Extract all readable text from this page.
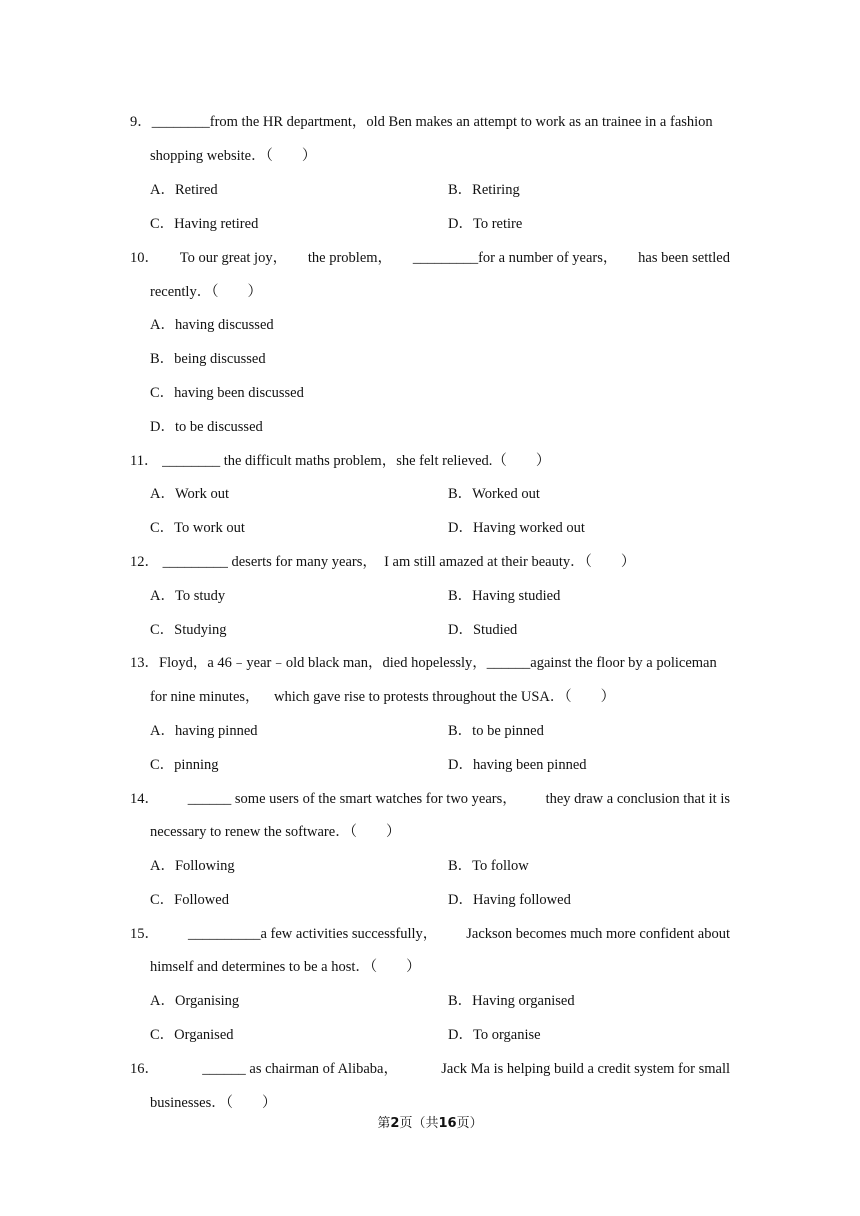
9．________from the HR department，old Ben makes an attempt to work as an trainee in a fashion
shopping website．（　　）
A．Retired	B．Retiring
C．Having retired	D．To retire
10． To our great joy， the problem， _________for a number of years， has been settled
recently．（　　）
A．having discussed
B．being discussed
C．having been discussed
D．to be discussed
11． ________ the difficult maths problem，she felt relieved.（　　）
A．Work out	B．Worked out
C．To work out	D．Having worked out
12． _________ deserts for many years，  I am still amazed at their beauty．（　　）
A．To study	B．Having studied
C．Studying	D．Studied
13．Floyd，a 46﹣year﹣old black man，died hopelessly，______against the floor by a policeman
for nine minutes，    which gave rise to protests throughout the USA．（　　）
A．having pinned	B．to be pinned
C．pinning	D．having been pinned
14． ______ some users of the smart watches for two years， they draw a conclusion that it is
necessary to renew the software．（　　）
A．Following	B．To follow
C．Followed	D．Having followed
15． __________a few activities successfully， Jackson becomes much more confident about
himself and determines to be a host．（　　）
A．Organising	B．Having organised
C．Organised	D．To organise
16．	______ as chairman of Alibaba，	Jack Ma is helping build a credit system for small
businesses．（　　）
第2页（共16页）
